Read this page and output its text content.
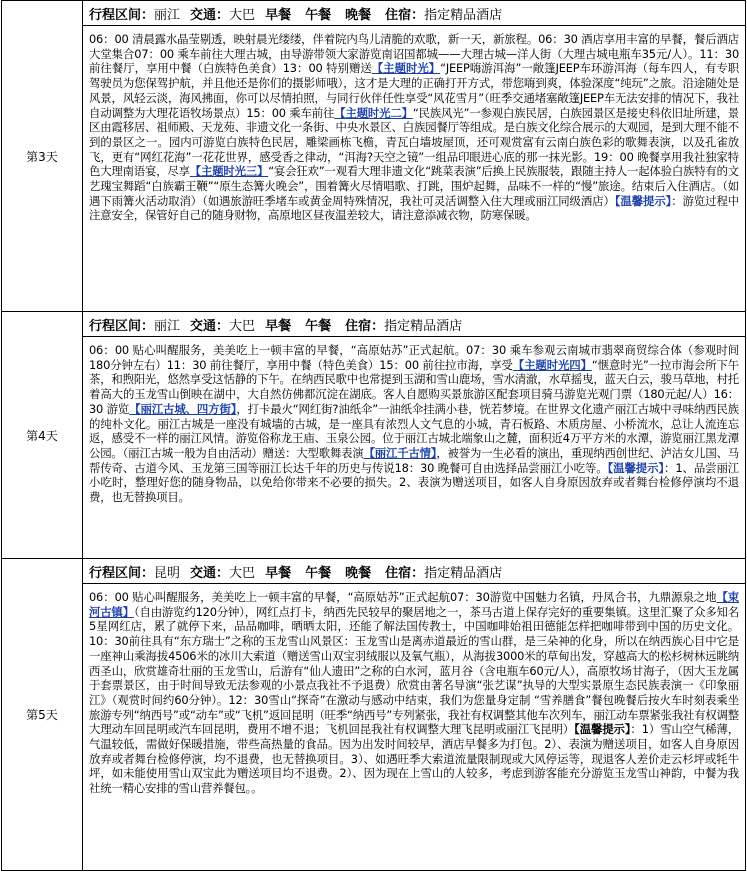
第3天	行程区间：丽江 交通：大巴 早餐 午餐 晚餐 住宿：指定精品酒店

	06：00 清晨露水晶莹剔透，映射晨光缕缕，伴着院内鸟儿清脆的欢歌，新一天，新旅程。06：30 酒店享用丰富的早餐，餐后酒店大堂集合07：00 乘车前往大理古城，由导游带领大家游览南诏国都城——大理古城—洋人街（大理古城电瓶车35元/人）。11：30 前往餐厅，享用中餐（白族特色美食）13：00 特别赠送【主题时光】“JEEP嗨游洱海”一敞篷JEEP车环游洱海（每车四人，有专职驾驶员为您保驾护航，并且他还是你们的摄影师哦），这才是大理的正确打开方式，带您嗨到爽，体验深度“纯玩”之旅。沿途随处是风景，风轻云淡，海风拂面，你可以尽情拍照，与同行伙伴任性享受“风花雪月”（旺季交通堵塞敞篷JEEP车无法安排的情况下，我社自动调整为大理花语牧场景点）15：00 乘车前往【主题时光二】“民族风光”一参观白族民居，白族园景区是接史科依旧址所建，景区由霞移居、祖师殿、天龙苑、非遗文化一条街、中央水景区、白族园餐厅等组成。是白族文化综合展示的大观园，是到大理不能不到的景区之一。园内可游览白族特色民居，雕梁画栋飞檐，青瓦白墙坡屋顶，还可观赏富有云南白族色彩的歌舞表演，以及孔雀放飞，更有“网红花海”一花花世界，感受香之律动，“洱海?天空之镜”一组品印眼进心底的那一抹光影。19：00 晚餐享用我社独家特色大理南语宴，尽享【主题时光三】“宴会狂欢”一观看大理非遗文化“跳菜表演”后换上民族服装，跟随主持人一起体验白族特有的文艺瑰宝舞蹈“白族霸王鞭”“原生态篝火晚会”，围着篝火尽情唱歌、打跳，围炉起舞，品味不一样的“慢”旅途。结束后入住酒店。（如遇下雨篝火活动取消）（如遇旅游旺季堵车或黄金周特殊情况，我社可灵活调整入住大理或丽江同级酒店）【温馨提示】：游览过程中注意安全，保管好自己的随身财物，高原地区昼夜温差较大，请注意添减衣物，防寒保暖。

第4天	行程区间：丽江 交通：大巴 早餐 午餐 住宿：指定精品酒店

	06：00 贴心叫醒服务，美美吃上一顿丰富的早餐，“高原姑苏”正式起航。07：30 乘车参观云南城市翡翠商贸综合体（参观时间180分钟左右）11：30 前往餐厅，享用中餐（特色美食）15：00 前往拉市海，享受【主题时光四】“惬意时光”一拉市海会所下午茶，和煦阳光，悠然享受这恬静的下午。在纳西民歌中也常提到玉湖和雪山鹿场，雪水清澈，水草摇曳，蓝天白云，骏马草地，村托着高大的玉龙雪山倒映在湖中，大自然仿佛都沉淀在湖底。客人自愿购买景旅游区配套项目骑马游览光观门票（180元起/人）16：30 游览【丽江古城、四方街】，打卡最火“网红街?油纸伞”一油纸伞挂满小巷，恍若梦境。在世界文化遗产丽江古城中寻味纳西民族的纯朴文化。丽江古城是一座没有城墙的古城，是一座具有浓烈人文气息的小城，青石板路、木质房屋、小桥流水，总让人流连忘返，感受不一样的丽江风情。游览俗称龙王庙、玉泉公园。位于丽江古城北端象山之麓，面积近4万平方米的水潭，游览丽江黑龙潭公园。（丽江古城一般为自由活动）赠送：大型歌舞表演【丽江千古情】，被誉为一生必看的演出，重现纳西创世纪、泸沽女儿国、马帮传奇、古道今风、玉龙第三国等丽江长达千年的历史与传说18：30 晚餐可自由选择品尝丽江小吃等。【温馨提示】：1、品尝丽江小吃时，整理好您的随身物品，以免给你带来不必要的损失。2、表演为赠送项目，如客人自身原因放弃或者舞台检修停演均不退费，也无替换项目。

第5天	行程区间：昆明 交通：大巴 早餐 午餐 晚餐 住宿：指定精品酒店

	06：00 贴心叫醒服务，美美吃上一顿丰富的早餐，“高原姑苏”正式起航07：30游览中国魅力名镇，丹凤合书，九鼎源泉之地【束河古镇】（自由游览约120分钟），网红点打卡，纳西先民较早的聚居地之一，茶马古道上保存完好的重要集镇。这里汇聚了众多知名5星网红店，累了就停下来，品品咖啡，晒晒太阳，还能了解法国传教士，中国咖啡始祖田德能怎样把咖啡带到中国的历史文化。10：30前往具有“东方瑞士”之称的玉龙雪山风景区：玉龙雪山是离赤道最近的雪山群，是三朵神的化身，所以在纳西族心目中它是一座神山乘海拔4506米的冰川大索道（赠送雪山双宝羽绒服以及氧气瓶），从海拔3000米的草甸出发，穿越高大的松杉树林远眺纳西圣山，欣赏雄奇壮丽的玉龙雪山，后游有“仙人遗田”之称的白水河，蓝月谷（含电瓶车60元/人），高原牧场甘海子，（因大玉龙属于套票景区，由于时间导致无法参观的小景点我社不予退费）欣赏由著名导演“张艺谋”执导的大型实景原生态民族表演一《印象丽江》（观赏时间约60分钟）。12：30雪山“探奇”在激动与感动中结束，我们为您量身定制 “雪养膳食”餐包晚餐后按火车时刻表乘坐旅游专列“纳西号”或“动车”或“飞机”返回昆明（旺季“纳西号”专列紧张，我社有权调整其他车次列车，丽江动车票紧张我社有权调整大理动车回昆明或汽车回昆明，费用不增不退；飞机回昆我社有权调整大理飞昆明或丽江飞昆明）【温馨提示】：1）雪山空气稀薄，气温较低，需做好保暖措施，带些高热量的食品。因为出发时间较早，酒店早餐多为打包。2）、表演为赠送项目，如客人自身原因放弃或者舞台检修停演，均不退费，也无替换项目。3）、如遇旺季大索道流量限制现或大风停运等，现退客人差价走云杉坪或牦牛坪，如未能使用雪山双宝此为赠送项目均不退费。2）、因为现在上雪山的人较多，考虑到游客能充分游览玉龙雪山神韵，中餐为我社统一精心安排的雪山营养餐包。。
